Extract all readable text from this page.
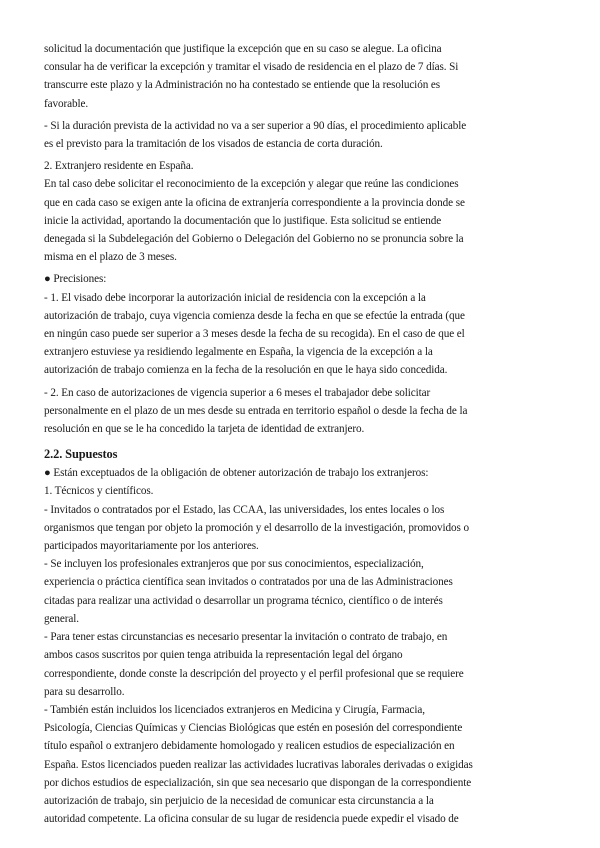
solicitud la documentación que justifique la excepción que en su caso se alegue. La oficina
consular ha de verificar la excepción y tramitar el visado de residencia en el plazo de 7 días. Si
transcurre este plazo y la Administración no ha contestado se entiende que la resolución es
favorable.
- Si la duración prevista de la actividad no va a ser superior a 90 días, el procedimiento aplicable
es el previsto para la tramitación de los visados de estancia de corta duración.
2. Extranjero residente en España.
En tal caso debe solicitar el reconocimiento de la excepción y alegar que reúne las condiciones
que en cada caso se exigen ante la oficina de extranjería correspondiente a la provincia donde se
inicie la actividad, aportando la documentación que lo justifique. Esta solicitud se entiende
denegada si la Subdelegación del Gobierno o Delegación del Gobierno no se pronuncia sobre la
misma en el plazo de 3 meses.
● Precisiones:
- 1. El visado debe incorporar la autorización inicial de residencia con la excepción a la
autorización de trabajo, cuya vigencia comienza desde la fecha en que se efectúe la entrada (que
en ningún caso puede ser superior a 3 meses desde la fecha de su recogida). En el caso de que el
extranjero estuviese ya residiendo legalmente en España, la vigencia de la excepción a la
autorización de trabajo comienza en la fecha de la resolución en que le haya sido concedida.
- 2. En caso de autorizaciones de vigencia superior a 6 meses el trabajador debe solicitar
personalmente en el plazo de un mes desde su entrada en territorio español o desde la fecha de la
resolución en que se le ha concedido la tarjeta de identidad de extranjero.
2.2. Supuestos
● Están exceptuados de la obligación de obtener autorización de trabajo los extranjeros:
1. Técnicos y científicos.
- Invitados o contratados por el Estado, las CCAA, las universidades, los entes locales o los
organismos que tengan por objeto la promoción y el desarrollo de la investigación, promovidos o
participados mayoritariamente por los anteriores.
- Se incluyen los profesionales extranjeros que por sus conocimientos, especialización,
experiencia o práctica científica sean invitados o contratados por una de las Administraciones
citadas para realizar una actividad o desarrollar un programa técnico, científico o de interés
general.
- Para tener estas circunstancias es necesario presentar la invitación o contrato de trabajo, en
ambos casos suscritos por quien tenga atribuida la representación legal del órgano
correspondiente, donde conste la descripción del proyecto y el perfil profesional que se requiere
para su desarrollo.
- También están incluidos los licenciados extranjeros en Medicina y Cirugía, Farmacia,
Psicología, Ciencias Químicas y Ciencias Biológicas que estén en posesión del correspondiente
título español o extranjero debidamente homologado y realicen estudios de especialización en
España. Estos licenciados pueden realizar las actividades lucrativas laborales derivadas o exigidas
por dichos estudios de especialización, sin que sea necesario que dispongan de la correspondiente
autorización de trabajo, sin perjuicio de la necesidad de comunicar esta circunstancia a la
autoridad competente. La oficina consular de su lugar de residencia puede expedir el visado de
